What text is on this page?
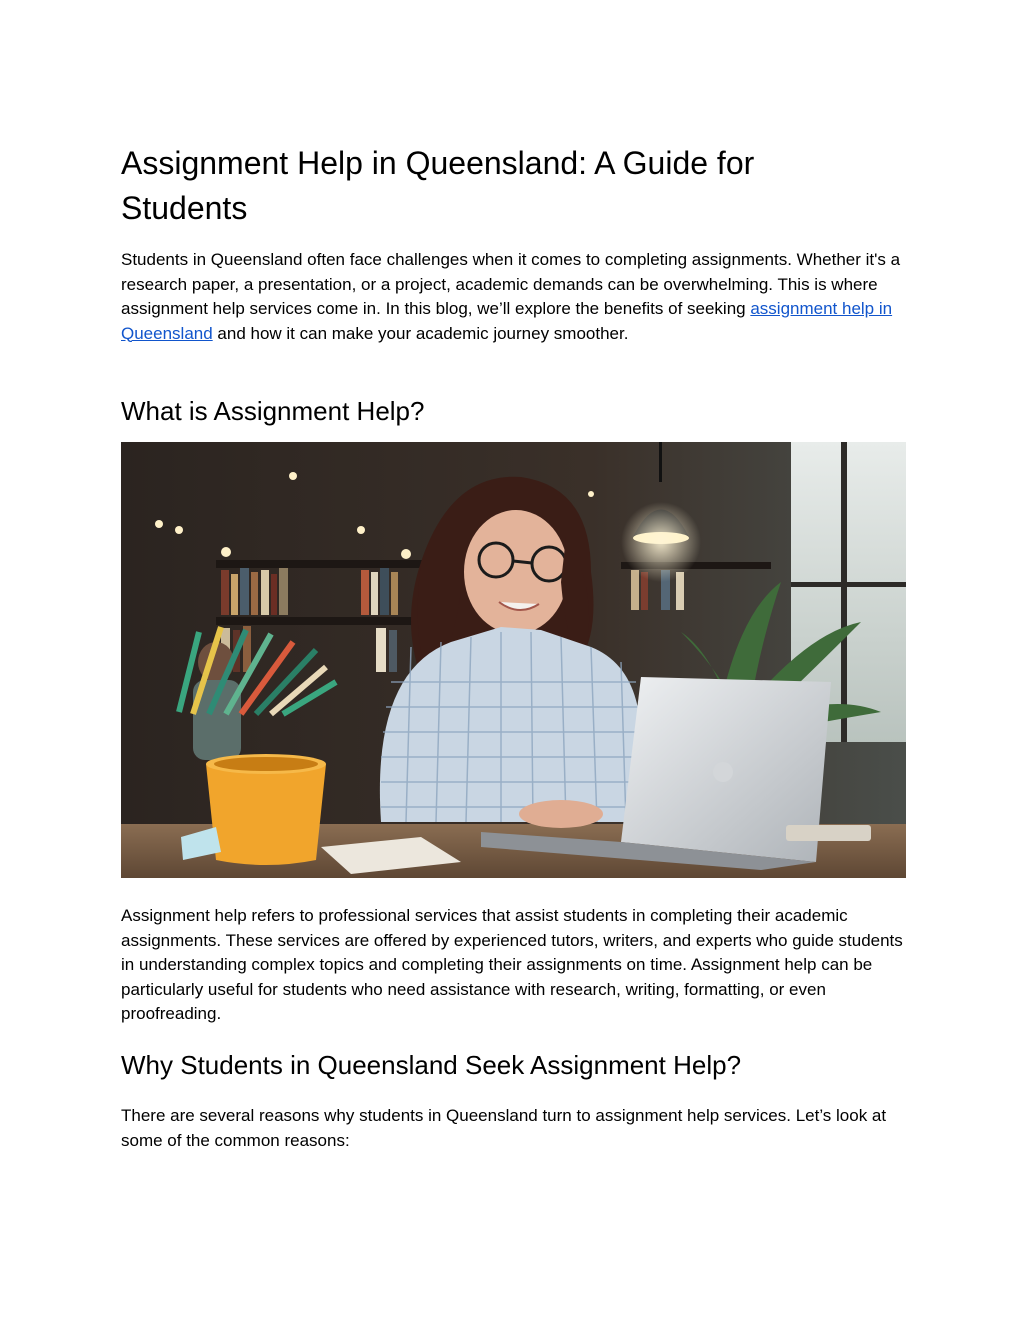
Assignment Help in Queensland: A Guide for Students

Students in Queensland often face challenges when it comes to completing assignments. Whether it's a research paper, a presentation, or a project, academic demands can be overwhelming. This is where assignment help services come in. In this blog, we’ll explore the benefits of seeking assignment help in Queensland and how it can make your academic journey smoother.

What is Assignment Help?

Assignment help refers to professional services that assist students in completing their academic assignments. These services are offered by experienced tutors, writers, and experts who guide students in understanding complex topics and completing their assignments on time. Assignment help can be particularly useful for students who need assistance with research, writing, formatting, or even proofreading.

Why Students in Queensland Seek Assignment Help?

There are several reasons why students in Queensland turn to assignment help services. Let’s look at some of the common reasons:
